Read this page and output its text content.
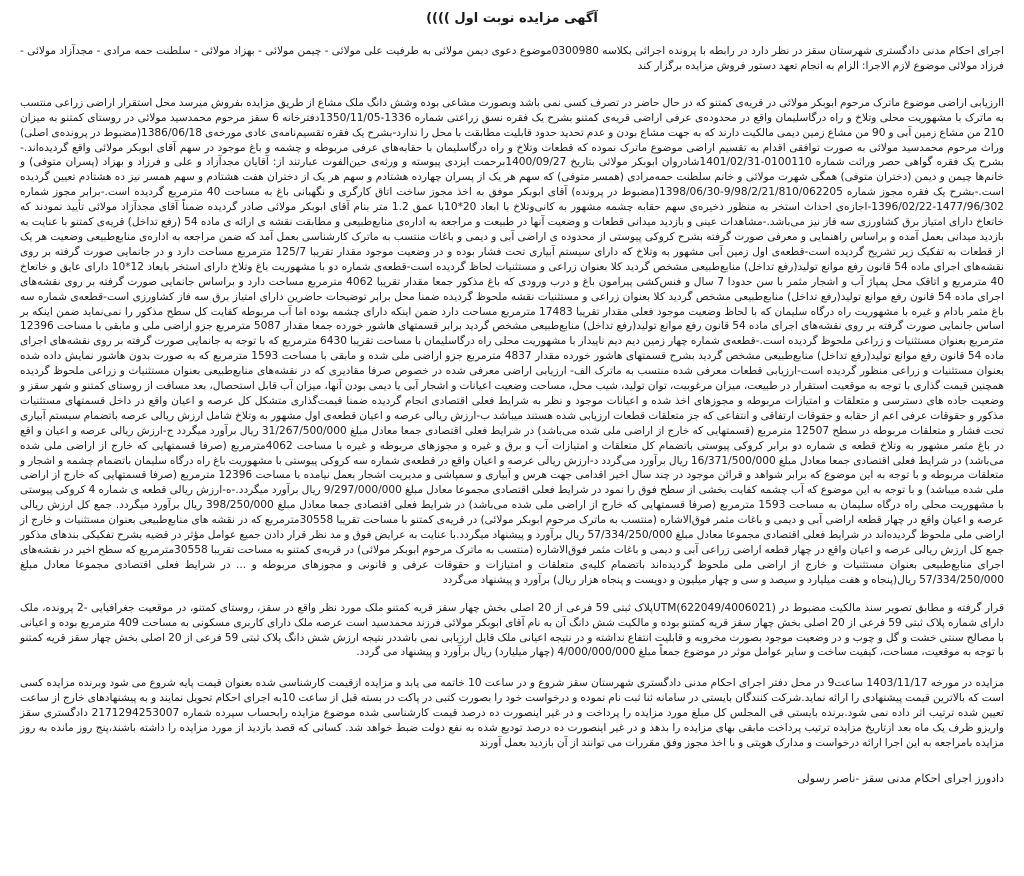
آگهی مزایده نوبت اول ))))

اجرای احکام مدنی دادگستری شهرستان سقز در نظر دارد در رابطه با پرونده اجرائی بکلاسه 0300980موضوع دعوی دیمن مولائی به طرفیت علی مولائی - چیمن مولائی - بهزاد مولائی - سلطنت حمه مرادی - مجدآزاد مولائی - فرزاد مولائی موضوع لازم الاجرا: الزام به انجام تعهد دستور فروش مزایده برگزار کند

اارزیابی اراضی موضوع ماترک مرحوم ابوبکر مولائی در قریه‌ی کمتنو که در حال حاضر در تصرف کسی نمی باشد وبصورت مشاعی بوده وشش دانگ ملک مشاع از طریق مزایده بفروش میرسد محل استقرار اراضی زراعی منتسب به ماترک با مشهوریت محلی وتلاخ و راه درگاسلیمان واقع در محدوده‌ی عرفی اراضی قریه‌ی کمتنو بشرح یک فقره نسق زراعتی شماره 1336-1350/11/05دفترخانه 6 سقز مرحوم محمدسید مولائی در روستای کمتنو به میزان 210 من مشاع زمین آبی و 90 من مشاع زمین دیمی مالکیت دارند که به جهت مشاع بودن و عدم تحدید حدود قابلیت مطابقت با محل را ندارد-بشرح یک فقره تقسیم‌نامه‌ی عادی مورخه‌ی 1386/06/18(مضبوط در پرونده‌ی اصلی) وراث مرحوم محمدسید مولائی به صورت توافقی اقدام به تقسیم اراضی موضوع ماترک نموده که قطعات وتلاخ و راه درگاسلیمان با حقابه‌های عرفی مربوطه و چشمه و باغ موجود در سهم آقای ابوبکر مولائی واقع گردیده‌اند.-بشرح یک فقره گواهی حصر وراثت شماره 0100110-1401/02/31شادروان ابوبکر مولائی بتاریخ 1400/09/27برحمت ایزدی پیوسته و ورثه‌ی حین‌الفوت عبارتند از: آقایان مجدآزاد و علی و فرزاد و بهزاد (پسران متوفی) و خانم‌ها چیمن و دیمن (دختران متوفی) همگی شهرت مولائی و خانم سلطنت حمه‌مرادی (همسر متوفی) که سهم هر یک از پسران چهارده هشتادم و سهم هر یک از دختران هفت هشتادم و سهم همسر نیز ده هشتادم تعیین گردیده است.-بشرح یک فقره مجوز شماره 9/98/2/21/810/062205-1398/06/30(مضبوط در پرونده) آقای ابوبکر موفق به اخذ مجوز ساخت اتاق کارگری و نگهبانی باغ به مساحت 40 مترمربع گردیده است.-برابر مجوز شماره 1477/96/302-1396/02/22-اجازه‌ی احداث استخر به منظور ذخیره‌ی سهم حقابه چشمه مشهور به کانی‌وتلاخ با ابعاد 20*10با عمق 1.2 متر بنام آقای ابوبکر مولائی صادر گردیده ضمناً آقای مجدآزاد مولائی تأیید نمودند که خاتعاخ دارای امتیاز برق کشاورزی سه فاز نیز می‌باشد.-مشاهدات عینی و بازدید میدانی قطعات و وضعیت آنها در طبیعت و مراجعه به اداره‌ی منابع‌طبیعی و مطابقت نقشه ی ارائه ی ماده 54 (رفع تداخل) قریه‌ی کمتنو با عنایت به بازدید میدانی بعمل آمده و براساس راهنمایی و معرفی صورت گرفته بشرح کروکی پیوستی از محدوده ی اراضی آبی و دیمی و باغات منتسب به ماترک کارشناسی بعمل آمد که ضمن مراجعه به اداره‌ی منابع‌طبیعی وضعیت هر یک از قطعات به تفکیک زیر تشریح گردیده است-قطعه‌ی اول زمین آبی مشهور به وتلاخ که دارای سیستم آبیاری تحت فشار بوده و در وضعیت موجود مقدار تقریبا 125/7 مترمربع مساحت دارد و در جانمایی صورت گرفته بر روی نقشه‌های اجرای ماده 54 قانون رفع موانع تولید(رفع تداخل) منابع‌طبیعی مشخص گردید کلا بعنوان زراعی و مستثنیات لحاظ گردیده است-قطعه‌ی شماره دو با مشهوریت باغ وتلاخ دارای استخر بابعاد 12*10 دارای عایق و خاتعاخ 40 مترمربع و اتاقک محل پمپاژ آب و اشجار مثمر با سن حدودا 7 سال و فنس‌کشی پیرامون باغ و درب ورودی که باغ مذکور جمعا مقدار تقریبا 4062 مترمربع مساحت دارد و براساس جانمایی صورت گرفته بر روی نقشه‌های اجرای ماده 54 قانون رفع موانع تولید(رفع تداخل) منابع‌طبیعی مشخص گردید کلا بعنوان زراعی و مستثنیات نقشه ملحوظ گردیده ضمنا محل برابر توضیحات حاضرین دارای امتیاز برق سه فاز کشاورزی است-قطعه‌ی شماره سه باغ مثمر بادام و غیره با مشهوریت راه درگاه سلیمان که با لحاظ وضعیت موجود فعلی مقدار تقریبا 17483 مترمربع مساحت دارد ضمن اینکه دارای چشمه بوده اما آب مربوطه کفایت کل سطح مذکور را نمی‌نماید ضمن اینکه بر اساس جانمایی صورت گرفته بر روی نقشه‌های اجرای ماده 54 قانون رفع موانع تولید(رفع تداخل) منابع‌طبیعی مشخص گردید برابر قسمتهای هاشور خورده جمعا مقدار 5087 مترمربع جزو اراضی ملی و مابقی با مساحت 12396 مترمربع بعنوان مستثنیات و زراعی ملحوظ گردیده است.-قطعه‌ی شماره چهار زمین دیم دیم ناپیدار با مشهوریت محلی راه درگاسلیمان با مساحت تقریبا 6430 مترمربع که با توجه به جانمایی صورت گرفته بر روی نقشه‌های اجرای ماده 54 قانون رفع موانع تولید(رفع تداخل) منابع‌طبیعی مشخص گردید بشرح قسمتهای هاشور خورده مقدار 4837 مترمربع جزو اراضی ملی شده و مابقی با مساحت 1593 مترمربع که به صورت بدون هاشور نمایش داده شده بعنوان مستثنیات و زراعی منظور گردیده است-ارزیابی قطعات معرفی شده منتسب به ماترک الف- ارزیابی اراضی معرفی شده در خصوص صرفا مقادیری که در نقشه‌های منابع‌طبیعی بعنوان مستثنیات و زراعی ملحوظ گردیده همچنین قیمت گذاری با توجه به موقعیت استقرار در طبیعت، میزان مرغوبیت، توان تولید، شیب محل، مساحت وضعیت اعیانات و اشجار آبی یا دیمی بودن آنها، میزان آب قابل استحصال، بعد مسافت از روستای کمتنو و شهر سقز و وضعیت جاده های دسترسی و متعلقات و امتیازات مربوطه و مجوزهای اخذ شده و اعیانات موجود و نظر به شرایط فعلی اقتصادی انجام گردیده ضمنا قیمت‌گذاری متشکل کل عرصه و اعیان واقع در داخل قسمتهای مستثنیات مذکور و حقوقات عرفی اعم از حقابه و حقوقات ارتفاقی و انتفاعی که جز متعلقات قطعات ارزیابی شده هستند میباشد ب-ارزش ریالی عرصه و اعیان قطعه‌ی اول مشهور به وتلاخ شامل ارزش ریالی عرصه باتضمام سیستم آبیاری تحت فشار و متعلقات مربوطه در سطح 12507 مترمربع (قسمتهایی که خارج از اراضی ملی شده می‌باشد) در شرایط فعلی اقتصادی جمعا معادل مبلغ 31/267/500/000 ریال برآورد میگردد ج-ارزش ریالی عرصه و اعیان و اقع در باغ مثمر مشهور به وتلاخ قطعه ی شماره دو برابر کروکی پیوستی باتضمام کل متعلقات و امتیازات آب و برق و غیره و مجوزهای مربوطه و غیره با مساحت 4062مترمربع (صرفا قسمتهایی که خارج از اراضی ملی شده می‌باشد) در شرایط فعلی اقتصادی جمعا معادل مبلغ 16/371/500/000 ریال برآورد می‌گردد د-ارزش ریالی عرصه و اعیان واقع در قطعه‌ی شماره سه کروکی پیوستی با مشهوریت باغ راه درگاه سلیمان باتضمام چشمه و اشجار و متعلقات مربوطه و با توجه به این موضوع که برابر شواهد و قرائن موجود در چند سال اخیر اقدامی جهت هرس و آبیاری و سمپاشی و مدیریت اشجار بعمل نیامده با مساحت 12396 مترمربع (صرفا قسمتهایی که خارج از اراضی ملی شده میباشد) و با توجه به این موضوع که آب چشمه کفایت بخشی از سطح فوق را نمود در شرایط فعلی اقتصادی مجموعا معادل مبلغ 9/297/000/000 ریال برآورد میگردد.-ه-ارزش ریالی قطعه ی شماره 4 کروکی پیوستی با مشهوریت محلی راه درگاه سلیمان به مساحت 1593 مترمربع (صرفا قسمتهایی که خارج از اراضی ملی شده می‌باشد) در شرایط فعلی اقتصادی جمعا معادل مبلغ 398/250/000 ریال برآورد میگردد. جمع کل ارزش ریالی عرصه و اعیان واقع در چهار قطعه اراضی آبی و دیمی و باغات مثمر فوق‌الاشاره (منتسب به ماترک مرحوم ابوبکر مولائی) در قریه‌ی کمتنو با مساحت تقریبا 30558مترمربع که در نقشه های منابع‌طبیعی بعنوان مستثنیات و خارج از اراضی ملی ملحوظ گردیده‌اند در شرایط فعلی اقتصادی مجموعا معادل مبلغ 57/334/250/000 ریال برآورد و پیشنهاد میگردد.با عنایت به عرایض فوق و مد نظر قرار دادن جمیع عوامل مؤثر در قضیه بشرح تفکیکی بندهای مذکور جمع کل ارزش ریالی عرصه و اعیان واقع در چهار قطعه اراضی زراعی آبی و دیمی و باغات مثمر فوق‌الاشاره (منتسب به ماترک مرحوم ابوبکر مولائی) در قریه‌ی کمتنو به مساحت تقریبا 30558مترمربع که سطح اخیر در نقشه‌های اجرای منابع‌طبیعی بعنوان مستثنیات و خارج از اراضی ملی ملحوظ گردیده‌اند باتضمام کلیه‌ی متعلقات و امتیازات و حقوقات عرفی و قانونی و مجوزهای مربوطه و ... در شرایط فعلی اقتصادی مجموعا معادل مبلغ 57/334/250/000 ریال(پنجاه و هفت میلیارد و سیصد و سی و چهار میلیون و دویست و پنجاه هزار ریال) برآورد و پیشنهاد می‌گردد

قرار گرفته و مطابق تصویر سند مالکیت مضبوط در (622049/4006021)UTMپلاک ثبتی 59 فرعی از 20 اصلی بخش چهار سقز قریه کمتنو ملک مورد نظر واقع در سقز، روستای کمتنو، در موقعیت جغرافیایی -2 پرونده، ملک دارای شماره پلاک ثبتی 59 فرعی از 20 اصلی بخش چهار سقز قریه کمتنو بوده و مالکیت شش دانگ آن به نام آقای ابوبکر مولائی فرزند محمدسید است عرصه ملک دارای کاربری مسکونی به مساحت 409 مترمربع بوده و اعیانی با مصالح سنتی خشت و گل و چوب و در وضعیت موجود بصورت مخروبه و قابلیت انتفاع نداشته و در نتیجه اعیانی ملک قابل ارزیابی نمی باشددر نتیجه ارزش شش دانگ پلاک ثبتی 59 فرعی از 20 اصلی بخش چهار سقز قریه کمتنو با توجه به موقعیت، مساحت، کیفیت ساخت و سایر عوامل موثر در موضوع جمعاً مبلغ 4/000/000/000 (چهار میلیارد) ریال برآورد و پیشنهاد می گردد.

مزایده در مورخه 1403/11/17 ساعت9 در محل دفتر اجرای احکام مدنی دادگستری شهرستان سقز شروع و در ساعت 10 خاتمه می یابد و مزایده ازقیمت کارشناسی شده بعنوان قیمت پایه شروع می شود وبرنده مزایده کسی است که بالاترین قیمت پیشنهادی را ارائه نماید.شرکت کنندگان بایستی در سامانه ثنا ثبت نام نموده و درخواست خود را بصورت کتبی در پاکت در بسته قبل از ساعت 10به اجرای احکام تحویل نمایند و به پیشنهادهای خارج از ساعت تعیین شده ترتیب اثر داده نمی شود.برنده بایستی فی المجلس کل مبلغ مورد مزایده را پرداخت و در غیر اینصورت ده درصد قیمت کارشناسی شده موضوع مزایده رابحساب سپرده شماره 2171294253007 دادگستری سقز واریزو ظرف یک ماه بعد ازتاریخ مزایده ترتیب پرداخت مابقی بهای مزایده را بدهد و در غیر اینصورت ده درصد تودیع شده به نفع دولت ضبط خواهد شد. کسانی که قصد بازدید از مورد مزایده را داشته باشند،پنج روز مانده به روز مزایده بامراجعه به این اجرا ارائه درخواست و مدارک هویتی و با اخذ مجوز وفق مقررات می توانند از آن بازدید بعمل آورند

دادورز اجرای احکام مدنی سقز -ناصر رسولی
